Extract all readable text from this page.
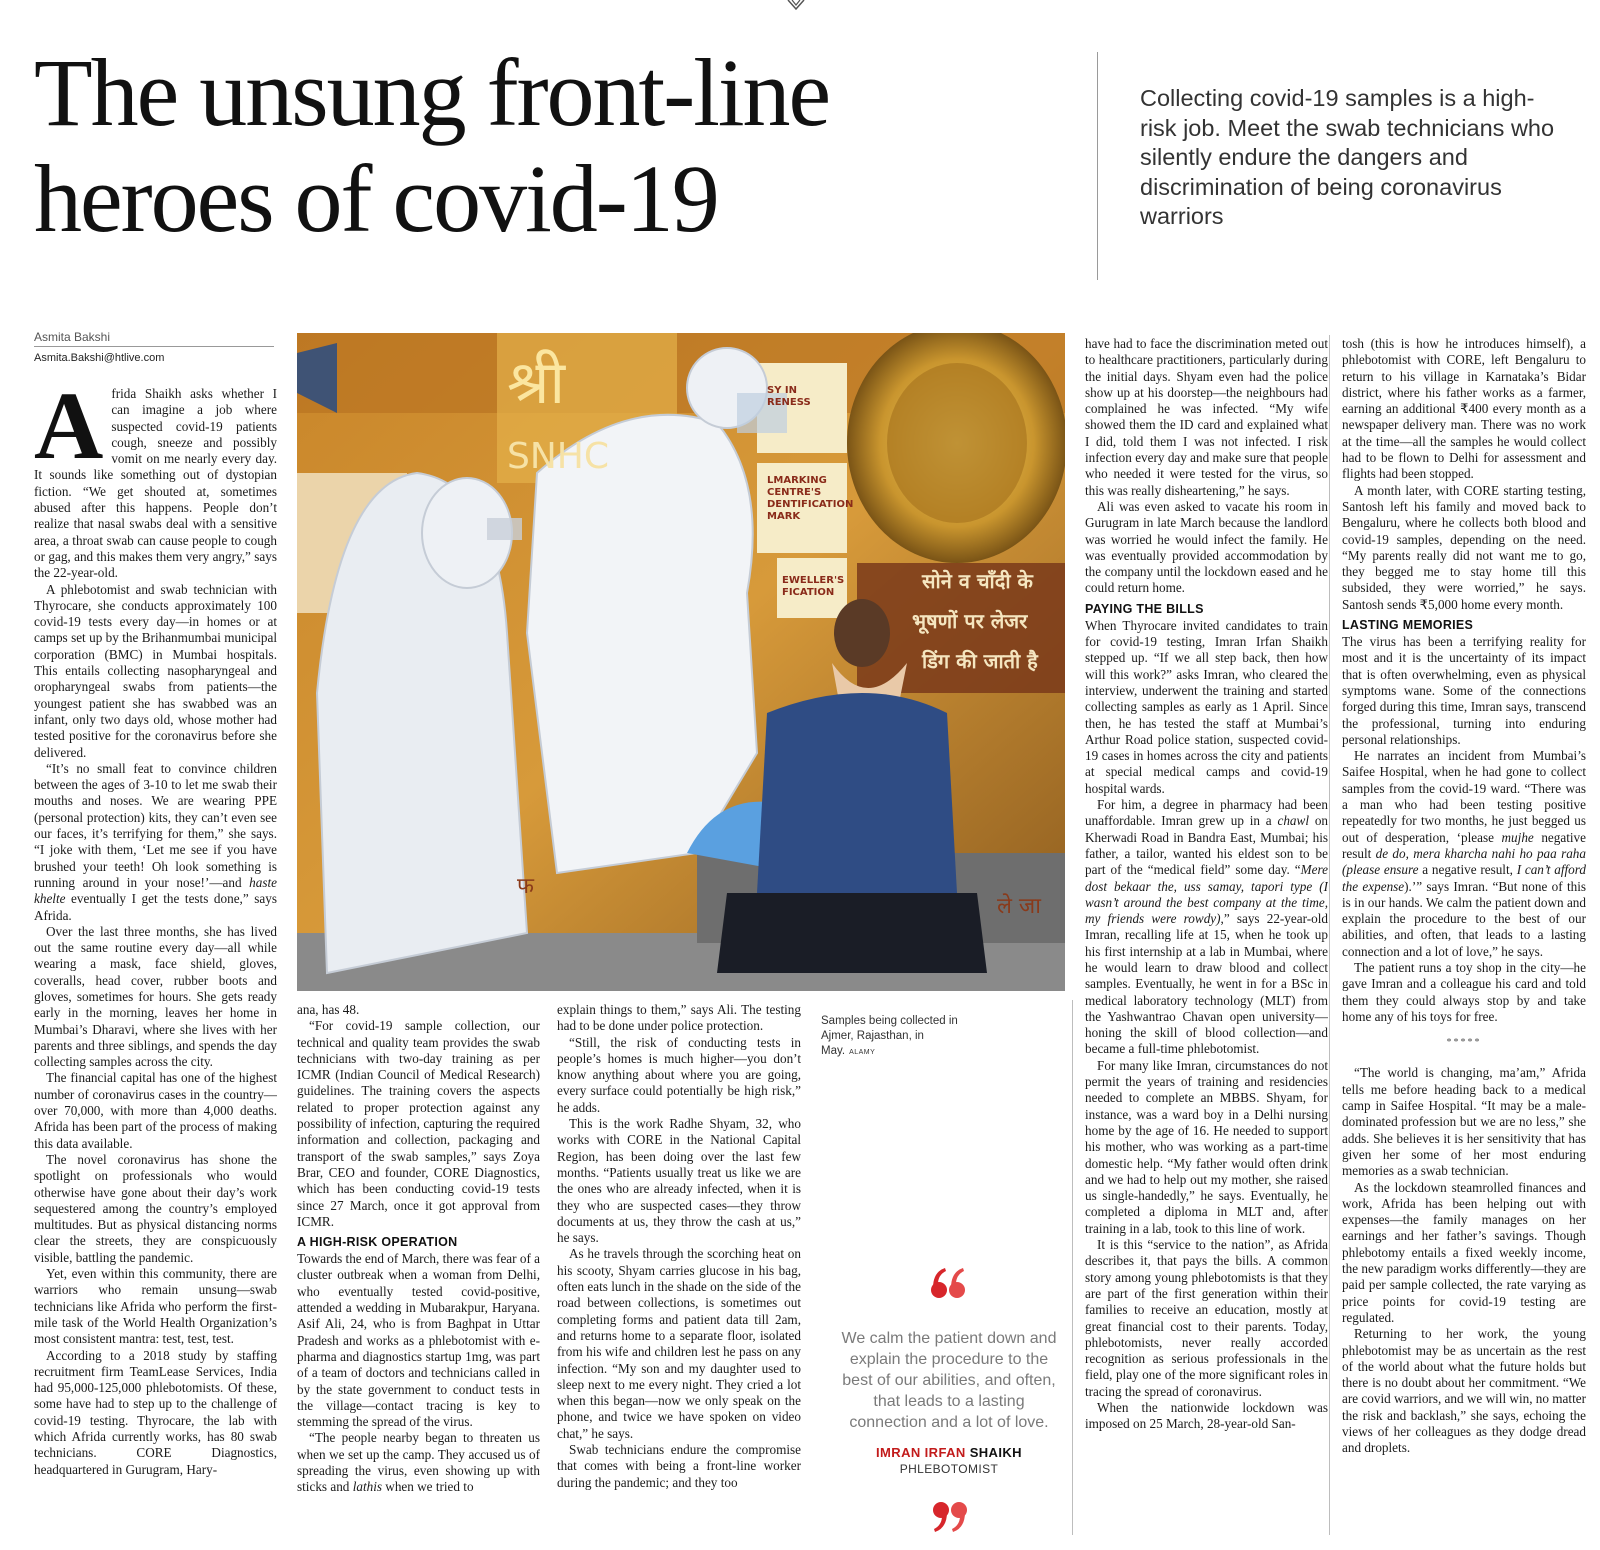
The unsung front-line
heroes of covid-19

Collecting covid-19 samples is a high-risk job. Meet the swab technicians who silently endure the dangers and discrimination of being coronavirus warriors

Asmita Bakshi
Asmita.Bakshi@htlive.com

Afrida Shaikh asks whether I can imagine a job where suspected covid-19 patients cough, sneeze and possibly vomit on me nearly every day. It sounds like something out of dystopian fiction. “We get shouted at, sometimes abused after this happens. People don’t realize that nasal swabs deal with a sensitive area, a throat swab can cause people to cough or gag, and this makes them very angry,” says the 22-year-old.

A phlebotomist and swab technician with Thyrocare, she conducts approximately 100 covid-19 tests every day—in homes or at camps set up by the Brihanmumbai municipal corporation (BMC) in Mumbai hospitals. This entails collecting nasopharyngeal and oropharyngeal swabs from patients—the youngest patient she has swabbed was an infant, only two days old, whose mother had tested positive for the coronavirus before she delivered.

“It’s no small feat to convince children between the ages of 3-10 to let me swab their mouths and noses. We are wearing PPE (personal protection) kits, they can’t even see our faces, it’s terrifying for them,” she says. “I joke with them, ‘Let me see if you have brushed your teeth! Oh look something is running around in your nose!’—and haste khelte eventually I get the tests done,” says Afrida.

Over the last three months, she has lived out the same routine every day—all while wearing a mask, face shield, gloves, coveralls, head cover, rubber boots and gloves, sometimes for hours. She gets ready early in the morning, leaves her home in Mumbai’s Dharavi, where she lives with her parents and three siblings, and spends the day collecting samples across the city.

The financial capital has one of the highest number of coronavirus cases in the country—over 70,000, with more than 4,000 deaths. Afrida has been part of the process of making this data available.

The novel coronavirus has shone the spotlight on professionals who would otherwise have gone about their day’s work sequestered among the country’s employed multitudes. But as physical distancing norms clear the streets, they are conspicuously visible, battling the pandemic.

Yet, even within this community, there are warriors who remain unsung—swab technicians like Afrida who perform the first-mile task of the World Health Organization’s most consistent mantra: test, test, test.

According to a 2018 study by staffing recruitment firm TeamLease Services, India had 95,000-125,000 phlebotomists. Of these, some have had to step up to the challenge of covid-19 testing. Thyrocare, the lab with which Afrida currently works, has 80 swab technicians. CORE Diagnostics, headquartered in Gurugram, Hary-

श्री
SNHC
SY IN RENESS
LMARKING CENTRE'S DENTIFICATION MARK
EWELLER'S FICATION	सोने व चाँदी के
भूषणों पर लेजर
डिंग की जाती है
फ
ले जा

ana, has 48.

“For covid-19 sample collection, our technical and quality team provides the swab technicians with two-day training as per ICMR (Indian Council of Medical Research) guidelines. The training covers the aspects related to proper protection against any possibility of infection, capturing the required information and collection, packaging and transport of the swab samples,” says Zoya Brar, CEO and founder, CORE Diagnostics, which has been conducting covid-19 tests since 27 March, once it got approval from ICMR.

A HIGH-RISK OPERATION

Towards the end of March, there was fear of a cluster outbreak when a woman from Delhi, who eventually tested covid-positive, attended a wedding in Mubarakpur, Haryana. Asif Ali, 24, who is from Baghpat in Uttar Pradesh and works as a phlebotomist with e-pharma and diagnostics startup 1mg, was part of a team of doctors and technicians called in by the state government to conduct tests in the village—contact tracing is key to stemming the spread of the virus.

“The people nearby began to threaten us when we set up the camp. They accused us of spreading the virus, even showing up with sticks and lathis when we tried to

explain things to them,” says Ali. The testing had to be done under police protection.

“Still, the risk of conducting tests in people’s homes is much higher—you don’t know anything about where you are going, every surface could potentially be high risk,” he adds.

This is the work Radhe Shyam, 32, who works with CORE in the National Capital Region, has been doing over the last few months. “Patients usually treat us like we are the ones who are already infected, when it is they who are suspected cases—they throw documents at us, they throw the cash at us,” he says.

As he travels through the scorching heat on his scooty, Shyam carries glucose in his bag, often eats lunch in the shade on the side of the road between collections, is sometimes out completing forms and patient data till 2am, and returns home to a separate floor, isolated from his wife and children lest he pass on any infection. “My son and my daughter used to sleep next to me every night. They cried a lot when this began—now we only speak on the phone, and twice we have spoken on video chat,” he says.

Swab technicians endure the compromise that comes with being a front-line worker during the pandemic; and they too

Samples being collected in Ajmer, Rajasthan, in May. ALAMY

We calm the patient down and explain the procedure to the best of our abilities, and often, that leads to a lasting connection and a lot of love.

IMRAN IRFAN SHAIKH

PHLEBOTOMIST

have had to face the discrimination meted out to healthcare practitioners, particularly during the initial days. Shyam even had the police show up at his doorstep—the neighbours had complained he was infected. “My wife showed them the ID card and explained what I did, told them I was not infected. I risk infection every day and make sure that people who needed it were tested for the virus, so this was really disheartening,” he says.

Ali was even asked to vacate his room in Gurugram in late March because the landlord was worried he would infect the family. He was eventually provided accommodation by the company until the lockdown eased and he could return home.

PAYING THE BILLS

When Thyrocare invited candidates to train for covid-19 testing, Imran Irfan Shaikh stepped up. “If we all step back, then how will this work?” asks Imran, who cleared the interview, underwent the training and started collecting samples as early as 1 April. Since then, he has tested the staff at Mumbai’s Arthur Road police station, suspected covid-19 cases in homes across the city and patients at special medical camps and covid-19 hospital wards.

For him, a degree in pharmacy had been unaffordable. Imran grew up in a chawl on Kherwadi Road in Bandra East, Mumbai; his father, a tailor, wanted his eldest son to be part of the “medical field” some day. “Mere dost bekaar the, uss samay, tapori type (I wasn’t around the best company at the time, my friends were rowdy),” says 22-year-old Imran, recalling life at 15, when he took up his first internship at a lab in Mumbai, where he would learn to draw blood and collect samples. Eventually, he went in for a BSc in medical laboratory technology (MLT) from the Yashwantrao Chavan open university—honing the skill of blood collection—and became a full-time phlebotomist.

For many like Imran, circumstances do not permit the years of training and residencies needed to complete an MBBS. Shyam, for instance, was a ward boy in a Delhi nursing home by the age of 16. He needed to support his mother, who was working as a part-time domestic help. “My father would often drink and we had to help out my mother, she raised us single-handedly,” he says. Eventually, he completed a diploma in MLT and, after training in a lab, took to this line of work.

It is this “service to the nation”, as Afrida describes it, that pays the bills. A common story among young phlebotomists is that they are part of the first generation within their families to receive an education, mostly at great financial cost to their parents. Today, phlebotomists, never really accorded recognition as serious professionals in the field, play one of the more significant roles in tracing the spread of coronavirus.

When the nationwide lockdown was imposed on 25 March, 28-year-old San-

tosh (this is how he introduces himself), a phlebotomist with CORE, left Bengaluru to return to his village in Karnataka’s Bidar district, where his father works as a farmer, earning an additional ₹400 every month as a newspaper delivery man. There was no work at the time—all the samples he would collect had to be flown to Delhi for assessment and flights had been stopped.

A month later, with CORE starting testing, Santosh left his family and moved back to Bengaluru, where he collects both blood and covid-19 samples, depending on the need. “My parents really did not want me to go, they begged me to stay home till this subsided, they were worried,” he says. Santosh sends ₹5,000 home every month.

LASTING MEMORIES

The virus has been a terrifying reality for most and it is the uncertainty of its impact that is often overwhelming, even as physical symptoms wane. Some of the connections forged during this time, Imran says, transcend the professional, turning into enduring personal relationships.

He narrates an incident from Mumbai’s Saifee Hospital, when he had gone to collect samples from the covid-19 ward. “There was a man who had been testing positive repeatedly for two months, he just begged us out of desperation, ‘please mujhe negative result de do, mera kharcha nahi ho paa raha (please ensure a negative result, I can’t afford the expense).’” says Imran. “But none of this is in our hands. We calm the patient down and explain the procedure to the best of our abilities, and often, that leads to a lasting connection and a lot of love,” he says.

The patient runs a toy shop in the city—he gave Imran and a colleague his card and told them they could always stop by and take home any of his toys for free.

*****

“The world is changing, ma’am,” Afrida tells me before heading back to a medical camp in Saifee Hospital. “It may be a male-dominated profession but we are no less,” she adds. She believes it is her sensitivity that has given her some of her most enduring memories as a swab technician.

As the lockdown steamrolled finances and work, Afrida has been helping out with expenses—the family manages on her earnings and her father’s savings. Though phlebotomy entails a fixed weekly income, the new paradigm works differently—they are paid per sample collected, the rate varying as price points for covid-19 testing are regulated.

Returning to her work, the young phlebotomist may be as uncertain as the rest of the world about what the future holds but there is no doubt about her commitment. “We are covid warriors, and we will win, no matter the risk and backlash,” she says, echoing the views of her colleagues as they dodge dread and droplets.
